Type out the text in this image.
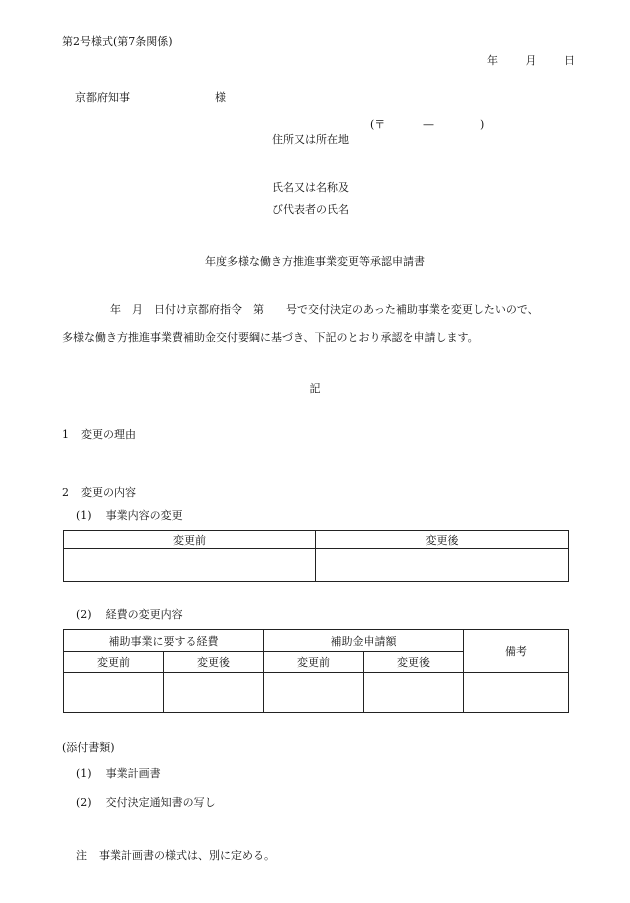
第2号様式(第7条関係)
年	月	日
京都府知事	様
(〒	—	)
住所又は所在地
氏名又は名称及
び代表者の氏名
年度多様な働き方推進事業変更等承認申請書
年　月　日付け京都府指令　第　　号で交付決定のあった補助事業を変更したいので、
多様な働き方推進事業費補助金交付要綱に基づき、下記のとおり承認を申請します。
記
1 変更の理由
2 変更の内容
(1) 事業内容の変更
変更前	変更後

(2) 経費の変更内容
補助事業に要する経費		補助金申請額		備考
変更前	変更後	変更前	変更後	

(添付書類)
(1) 事業計画書
(2) 交付決定通知書の写し
注 事業計画書の様式は、別に定める。
